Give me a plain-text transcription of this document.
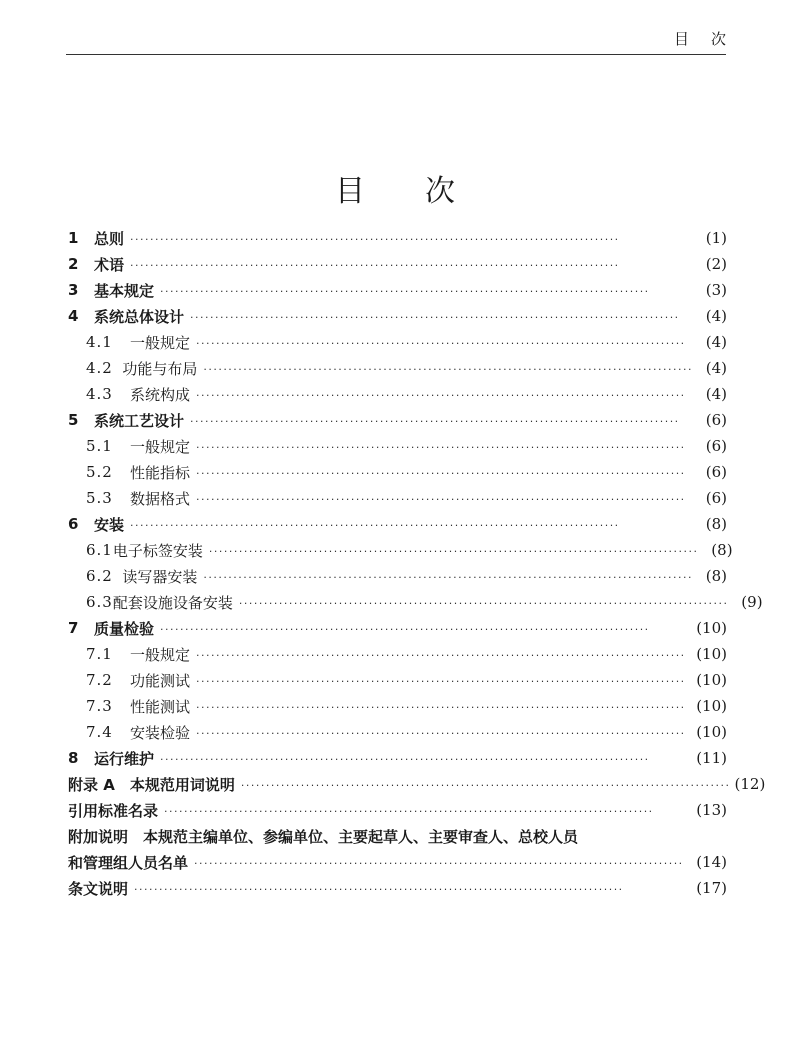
目次
目次
1	总则 ··································································································	(1)
2	术语 ··································································································	(2)
3	基本规定 ··································································································	(3)
4	系统总体设计 ··································································································	(4)
4.1	一般规定 ··································································································	(4)
4.2 功能与布局 ·································································································· (4)
4.3	系统构成 ··································································································	(4)
5	系统工艺设计 ··································································································	(6)
5.1	一般规定 ··································································································	(6)
5.2	性能指标 ··································································································	(6)
5.3	数据格式 ··································································································	(6)
6	安装 ··································································································	(8)
6.1 电子标签安装 ·································································································· (8)
6.2 读写器安装 ·································································································· (8)
6.3 配套设施设备安装 ·································································································· (9)
7	质量检验 ··································································································	(10)
7.1	一般规定 ·································································································· (10)
7.2	功能测试 ·································································································· (10)
7.3	性能测试 ·································································································· (10)
7.4	安装检验 ·································································································· (10)
8	运行维护 ··································································································	(11)
附录 A　本规范用词说明 ·································································································· (12)
引用标准名录 ··································································································	(13)
附加说明　本规范主编单位、参编单位、主要起草人、主要审查人、总校人员
和管理组人员名单 ·································································································· (14)
条文说明 ··································································································	(17)
